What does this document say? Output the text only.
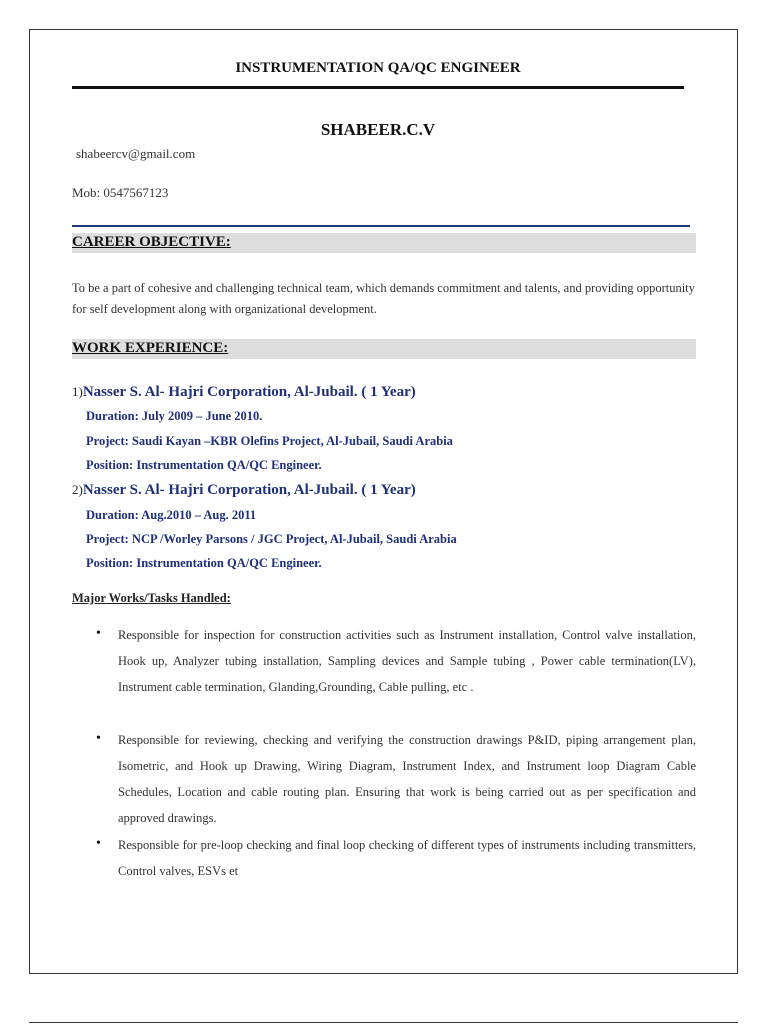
INSTRUMENTATION QA/QC ENGINEER
SHABEER.C.V
shabeercv@gmail.com
Mob: 0547567123
CAREER OBJECTIVE:
To be a part of cohesive and challenging technical team, which demands commitment and talents, and providing opportunity for self development along with organizational development.
WORK EXPERIENCE:
1)Nasser S. Al- Hajri Corporation, Al-Jubail. ( 1 Year)
Duration: July 2009 – June 2010.
Project: Saudi Kayan –KBR Olefins Project, Al-Jubail, Saudi Arabia
Position: Instrumentation QA/QC Engineer.
2)Nasser S. Al- Hajri Corporation, Al-Jubail. ( 1 Year)
Duration: Aug.2010 – Aug. 2011
Project: NCP /Worley Parsons / JGC Project, Al-Jubail, Saudi Arabia
Position: Instrumentation QA/QC Engineer.
Major Works/Tasks Handled:
• Responsible for inspection for construction activities such as Instrument installation, Control valve installation, Hook up, Analyzer tubing installation, Sampling devices and Sample tubing , Power cable termination(LV), Instrument cable termination, Glanding,Grounding, Cable pulling, etc .
• Responsible for reviewing, checking and verifying the construction drawings P&ID, piping arrangement plan, Isometric, and Hook up Drawing, Wiring Diagram, Instrument Index, and Instrument loop Diagram Cable Schedules, Location and cable routing plan. Ensuring that work is being carried out as per specification and approved drawings.
• Responsible for pre-loop checking and final loop checking of different types of instruments including transmitters, Control valves, ESVs et
